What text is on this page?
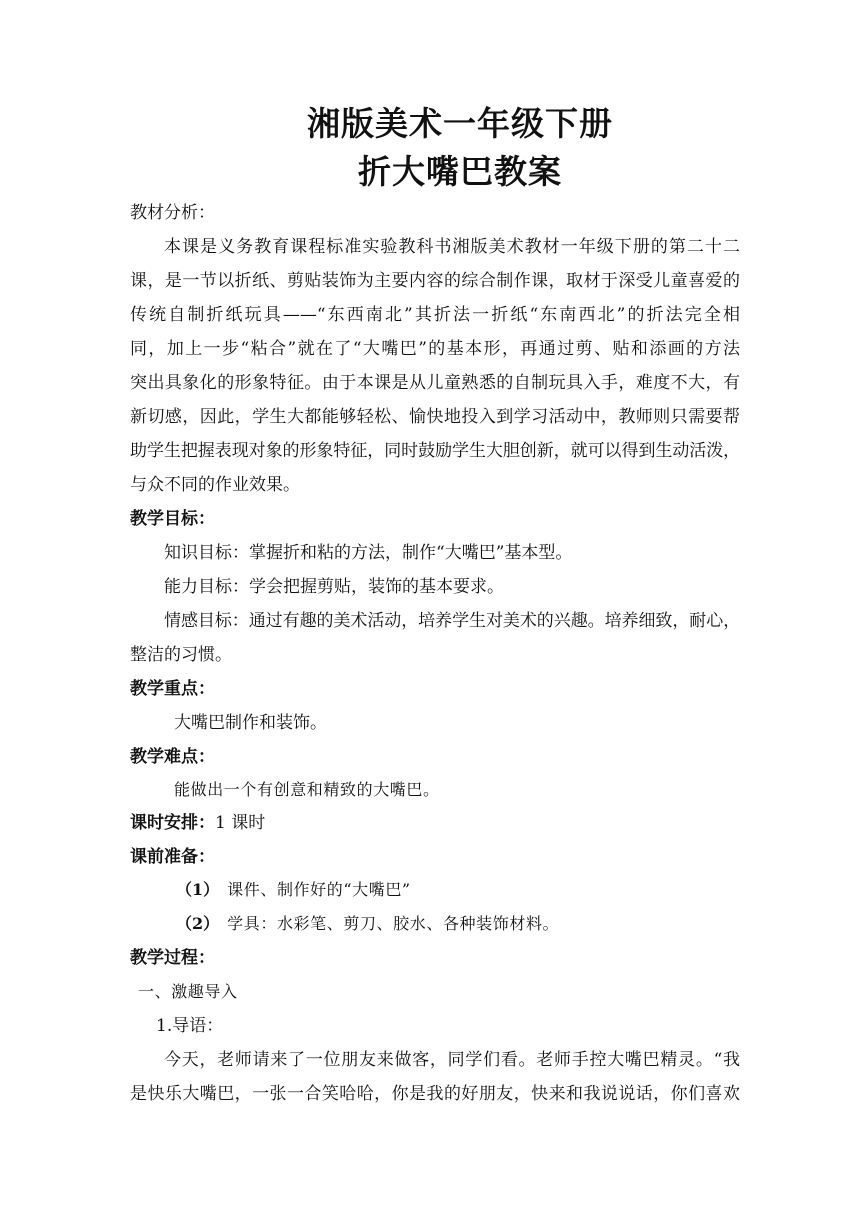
湘版美术一年级下册
折大嘴巴教案
教材分析：
本课是义务教育课程标准实验教科书湘版美术教材一年级下册的第二十二
课，是一节以折纸、剪贴装饰为主要内容的综合制作课，取材于深受儿童喜爱的
传统自制折纸玩具——“东西南北”其折法一折纸“东南西北”的折法完全相
同，加上一步“粘合”就在了“大嘴巴”的基本形，再通过剪、贴和添画的方法
突出具象化的形象特征。由于本课是从儿童熟悉的自制玩具入手，难度不大，有
新切感，因此，学生大都能够轻松、愉快地投入到学习活动中，教师则只需要帮
助学生把握表现对象的形象特征，同时鼓励学生大胆创新，就可以得到生动活泼，
与众不同的作业效果。
教学目标：
知识目标：掌握折和粘的方法，制作“大嘴巴”基本型。
能力目标：学会把握剪贴，装饰的基本要求。
情感目标：通过有趣的美术活动，培养学生对美术的兴趣。培养细致，耐心，
整洁的习惯。
教学重点：
大嘴巴制作和装饰。
教学难点：
能做出一个有创意和精致的大嘴巴。
课时安排：1 课时
课前准备：
（1） 课件、制作好的“大嘴巴”
（2） 学具：水彩笔、剪刀、胶水、各种装饰材料。
教学过程：
一、激趣导入
1.导语：
今天，老师请来了一位朋友来做客，同学们看。老师手控大嘴巴精灵。“我
是快乐大嘴巴，一张一合笑哈哈，你是我的好朋友，快来和我说说话，你们喜欢
